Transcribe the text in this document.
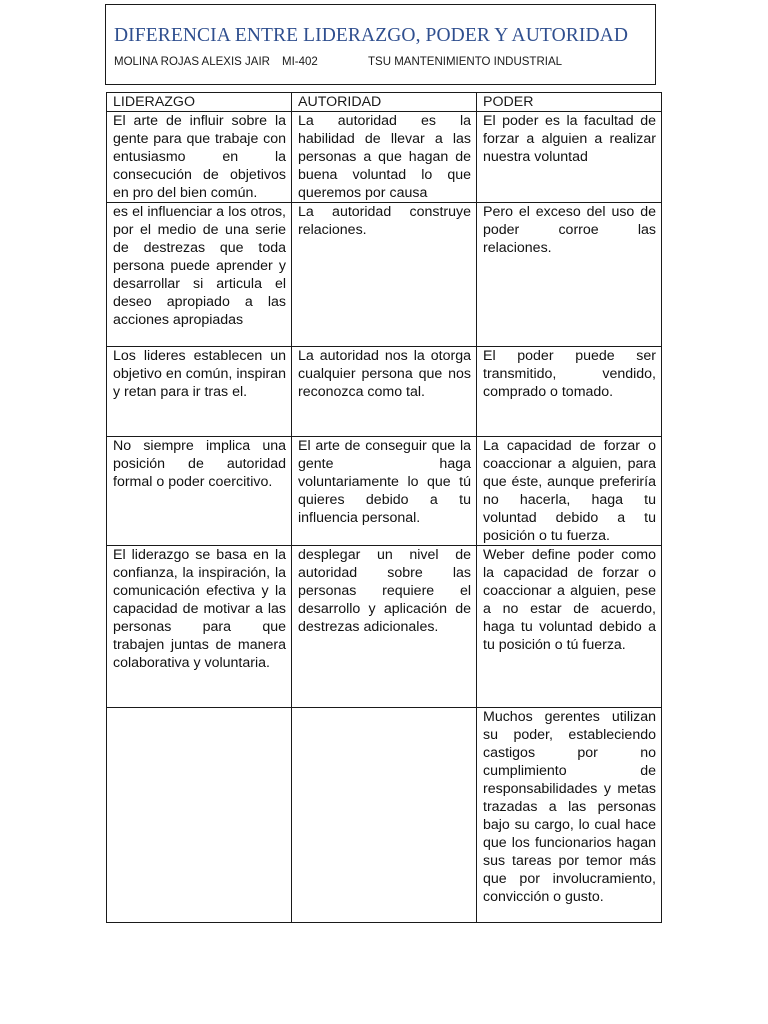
DIFERENCIA ENTRE LIDERAZGO, PODER Y AUTORIDAD
MOLINA ROJAS ALEXIS JAIR MI-402	TSU MANTENIMIENTO INDUSTRIAL
LIDERAZGO	AUTORIDAD	PODER
El arte de influir sobre la gente para que trabaje con entusiasmo en la consecución de objetivos en pro del bien común.	La autoridad es la habilidad de llevar a las personas a que hagan de buena voluntad lo que queremos por causa	El poder es la facultad de forzar a alguien a realizar nuestra voluntad
es el influenciar a los otros, por el medio de una serie de destrezas que toda persona puede aprender y desarrollar si articula el deseo apropiado a las acciones apropiadas	La autoridad construye relaciones.	Pero el exceso del uso de poder corroe las relaciones.
Los lideres establecen un objetivo en común, inspiran y retan para ir tras el.	La autoridad nos la otorga cualquier persona que nos reconozca como tal.	El poder puede ser transmitido, vendido, comprado o tomado.
No siempre implica una posición de autoridad formal o poder coercitivo.	El arte de conseguir que la gente haga voluntariamente lo que tú quieres debido a tu influencia personal.	La capacidad de forzar o coaccionar a alguien, para que éste, aunque preferiría no hacerla, haga tu voluntad debido a tu posición o tu fuerza.
El liderazgo se basa en la confianza, la inspiración, la comunicación efectiva y la capacidad de motivar a las personas para que trabajen juntas de manera colaborativa y voluntaria.	desplegar un nivel de autoridad sobre las personas requiere el desarrollo y aplicación de destrezas adicionales.	Weber define poder como la capacidad de forzar o coaccionar a alguien, pese a no estar de acuerdo, haga tu voluntad debido a tu posición o tú fuerza.
		Muchos gerentes utilizan su poder, estableciendo castigos por no cumplimiento de responsabilidades y metas trazadas a las personas bajo su cargo, lo cual hace que los funcionarios hagan sus tareas por temor más que por involucramiento, convicción o gusto.
